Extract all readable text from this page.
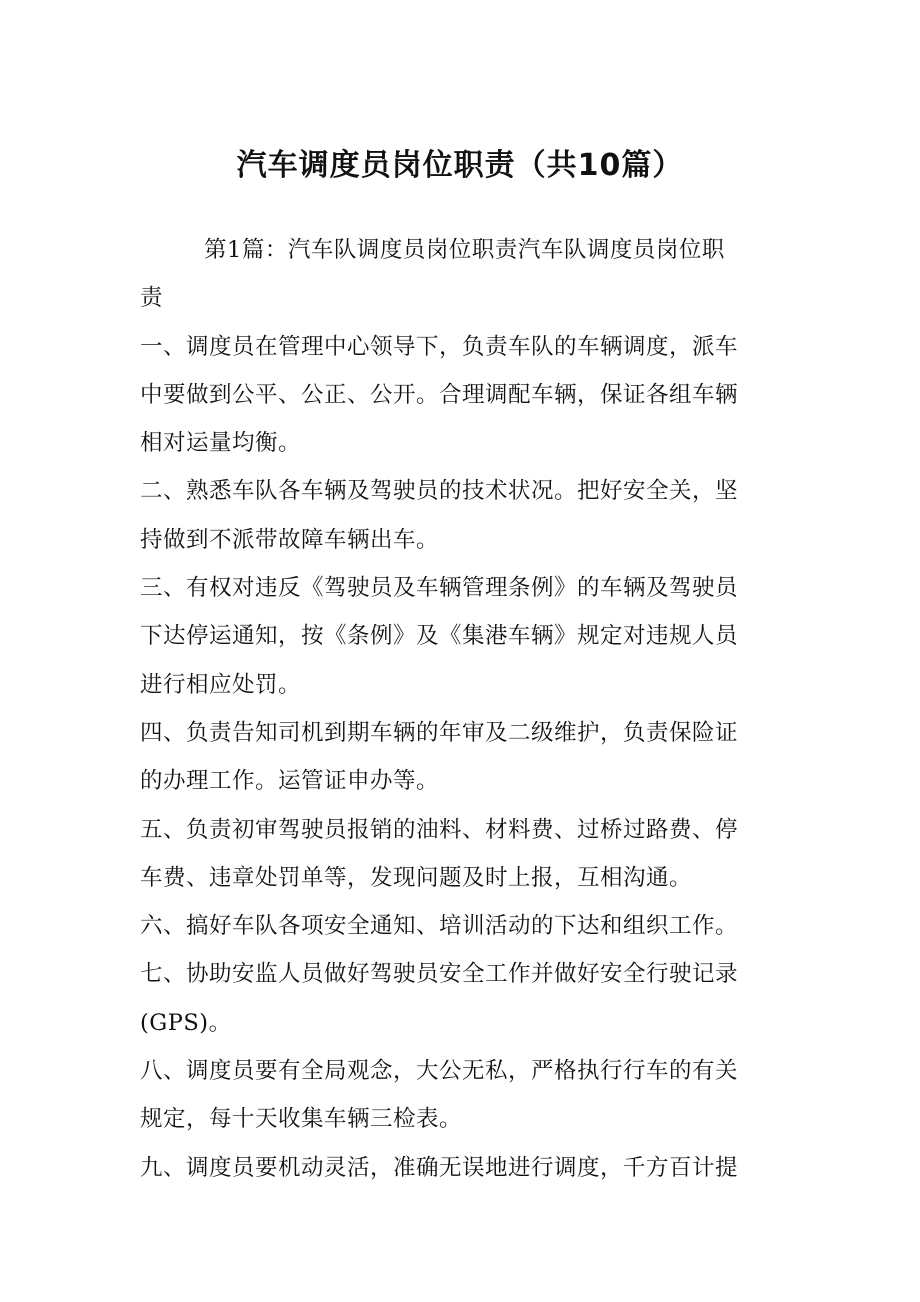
汽车调度员岗位职责（共10篇）
第1篇：汽车队调度员岗位职责汽车队调度员岗位职
责
一、调度员在管理中心领导下，负责车队的车辆调度，派车
中要做到公平、公正、公开。合理调配车辆，保证各组车辆
相对运量均衡。
二、熟悉车队各车辆及驾驶员的技术状况。把好安全关，坚
持做到不派带故障车辆出车。
三、有权对违反《驾驶员及车辆管理条例》的车辆及驾驶员
下达停运通知，按《条例》及《集港车辆》规定对违规人员
进行相应处罚。
四、负责告知司机到期车辆的年审及二级维护，负责保险证
的办理工作。运管证申办等。
五、负责初审驾驶员报销的油料、材料费、过桥过路费、停
车费、违章处罚单等，发现问题及时上报，互相沟通。
六、搞好车队各项安全通知、培训活动的下达和组织工作。
七、协助安监人员做好驾驶员安全工作并做好安全行驶记录
(GPS)。
八、调度员要有全局观念，大公无私，严格执行行车的有关
规定，每十天收集车辆三检表。
九、调度员要机动灵活，准确无误地进行调度，千方百计提
